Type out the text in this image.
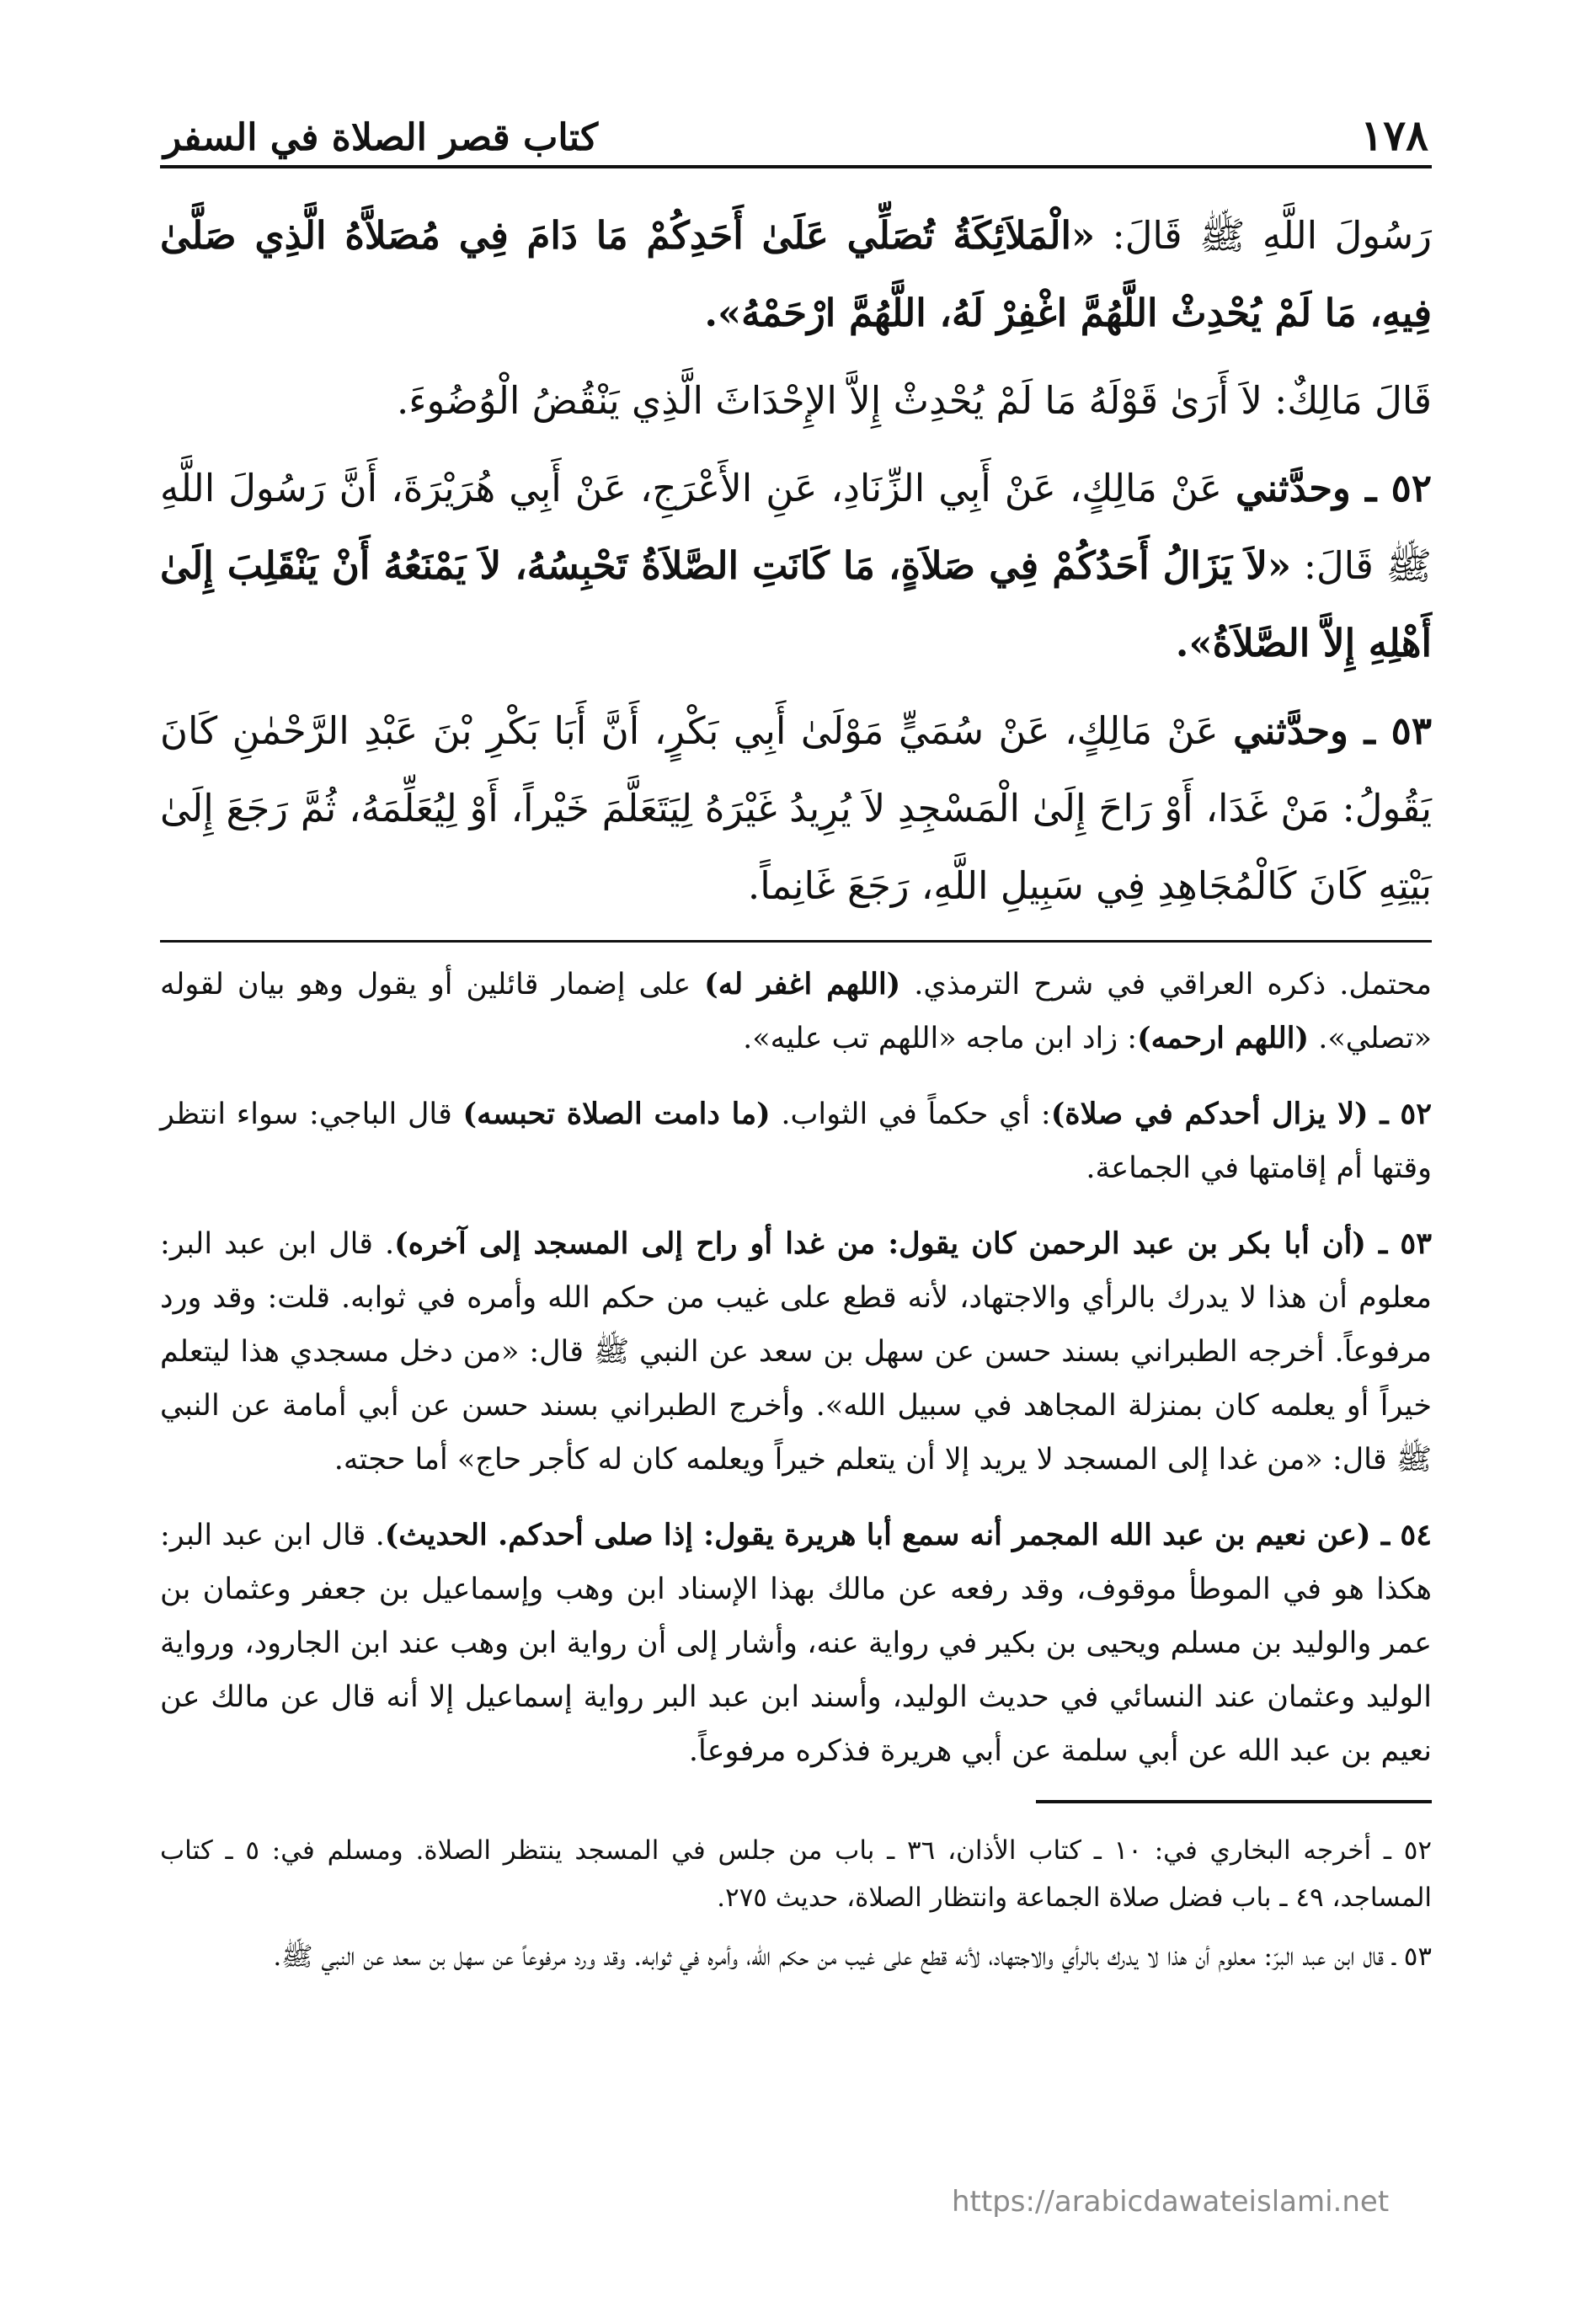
١٧٨
كتاب قصر الصلاة في السفر

رَسُولَ اللَّهِ ﷺ قَالَ: «الْمَلاَئِكَةُ تُصَلِّي عَلَىٰ أَحَدِكُمْ مَا دَامَ فِي مُصَلاَّهُ الَّذِي صَلَّىٰ فِيهِ، مَا لَمْ يُحْدِثْ اللَّهُمَّ اغْفِرْ لَهُ، اللَّهُمَّ ارْحَمْهُ».

قَالَ مَالِكٌ: لاَ أَرَىٰ قَوْلَهُ مَا لَمْ يُحْدِثْ إِلاَّ الإِحْدَاثَ الَّذِي يَنْقُضُ الْوُضُوءَ.

٥٢ ـ وحدَّثني عَنْ مَالِكٍ، عَنْ أَبِي الزِّنَادِ، عَنِ الأَعْرَجِ، عَنْ أَبِي هُرَيْرَةَ، أَنَّ رَسُولَ اللَّهِ ﷺ قَالَ: «لاَ يَزَالُ أَحَدُكُمْ فِي صَلاَةٍ، مَا كَانَتِ الصَّلاَةُ تَحْبِسُهُ، لاَ يَمْنَعُهُ أَنْ يَنْقَلِبَ إِلَىٰ أَهْلِهِ إِلاَّ الصَّلاَةُ».

٥٣ ـ وحدَّثني عَنْ مَالِكٍ، عَنْ سُمَيٍّ مَوْلَىٰ أَبِي بَكْرٍ، أَنَّ أَبَا بَكْرِ بْنَ عَبْدِ الرَّحْمٰنِ كَانَ يَقُولُ: مَنْ غَدَا، أَوْ رَاحَ إِلَىٰ الْمَسْجِدِ لاَ يُرِيدُ غَيْرَهُ لِيَتَعَلَّمَ خَيْراً، أَوْ لِيُعَلِّمَهُ، ثُمَّ رَجَعَ إِلَىٰ بَيْتِهِ كَانَ كَالْمُجَاهِدِ فِي سَبِيلِ اللَّهِ، رَجَعَ غَانِماً.

محتمل. ذكره العراقي في شرح الترمذي. (اللهم اغفر له) على إضمار قائلين أو يقول وهو بيان لقوله «تصلي». (اللهم ارحمه): زاد ابن ماجه «اللهم تب عليه».

٥٢ ـ (لا يزال أحدكم في صلاة): أي حكماً في الثواب. (ما دامت الصلاة تحبسه) قال الباجي: سواء انتظر وقتها أم إقامتها في الجماعة.

٥٣ ـ (أن أبا بكر بن عبد الرحمن كان يقول: من غدا أو راح إلى المسجد إلى آخره). قال ابن عبد البر: معلوم أن هذا لا يدرك بالرأي والاجتهاد، لأنه قطع على غيب من حكم الله وأمره في ثوابه. قلت: وقد ورد مرفوعاً. أخرجه الطبراني بسند حسن عن سهل بن سعد عن النبي ﷺ قال: «من دخل مسجدي هذا ليتعلم خيراً أو يعلمه كان بمنزلة المجاهد في سبيل الله». وأخرج الطبراني بسند حسن عن أبي أمامة عن النبي ﷺ قال: «من غدا إلى المسجد لا يريد إلا أن يتعلم خيراً ويعلمه كان له كأجر حاج» أما حجته.

٥٤ ـ (عن نعيم بن عبد الله المجمر أنه سمع أبا هريرة يقول: إذا صلى أحدكم. الحديث). قال ابن عبد البر: هكذا هو في الموطأ موقوف، وقد رفعه عن مالك بهذا الإسناد ابن وهب وإسماعيل بن جعفر وعثمان بن عمر والوليد بن مسلم ويحيى بن بكير في رواية عنه، وأشار إلى أن رواية ابن وهب عند ابن الجارود، ورواية الوليد وعثمان عند النسائي في حديث الوليد، وأسند ابن عبد البر رواية إسماعيل إلا أنه قال عن مالك عن نعيم بن عبد الله عن أبي سلمة عن أبي هريرة فذكره مرفوعاً.

٥٢ ـ أخرجه البخاري في: ١٠ ـ كتاب الأذان، ٣٦ ـ باب من جلس في المسجد ينتظر الصلاة. ومسلم في: ٥ ـ كتاب المساجد، ٤٩ ـ باب فضل صلاة الجماعة وانتظار الصلاة، حديث ٢٧٥.

٥٣ ـ قال ابن عبد البرّ: معلوم أن هذا لا يدرك بالرأي والاجتهاد، لأنه قطع على غيب من حكم الله، وأمره في ثوابه. وقد ورد مرفوعاً عن سهل بن سعد عن النبي ﷺ.

https://arabicdawateislami.net
